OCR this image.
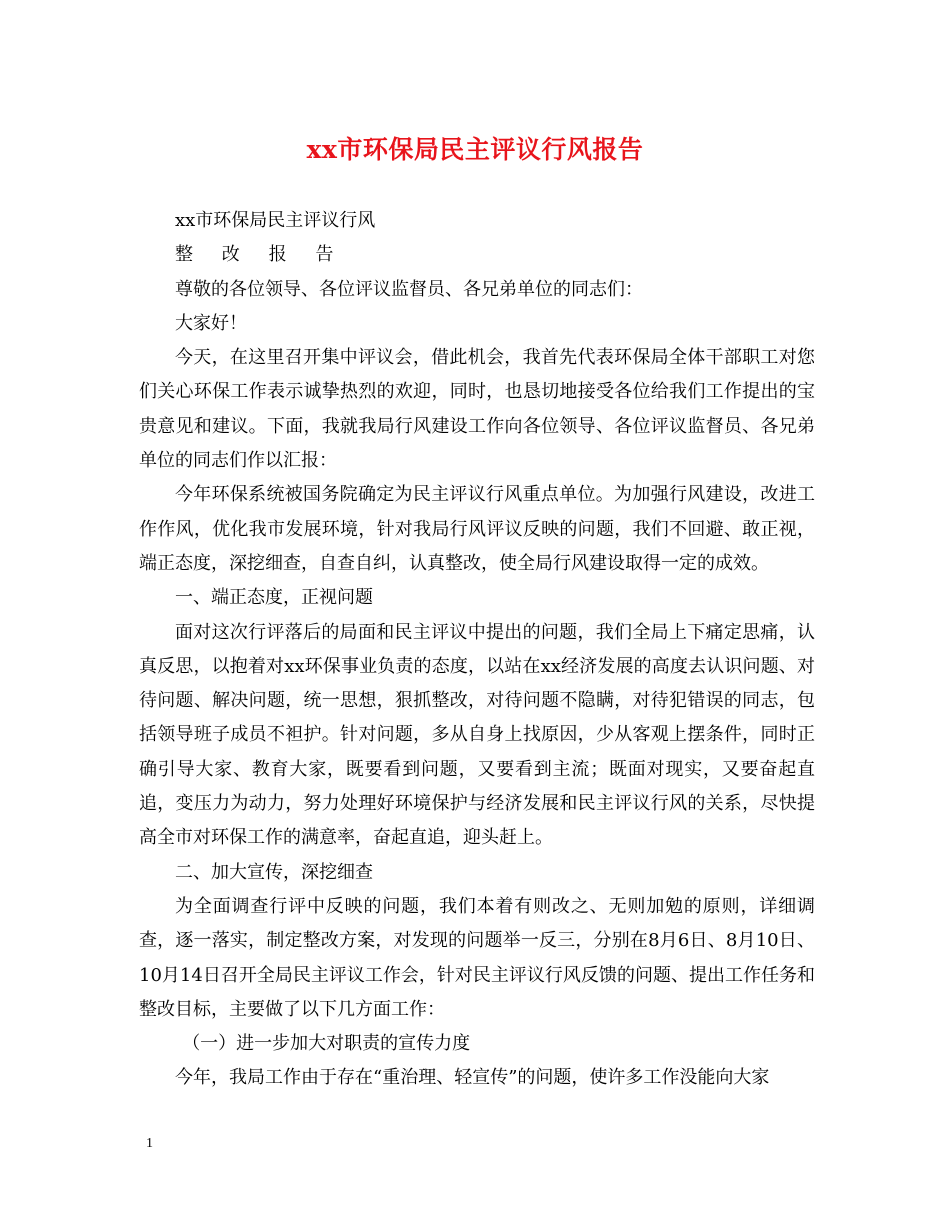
xx市环保局民主评议行风报告

xx市环保局民主评议行风

整改报告

尊敬的各位领导、各位评议监督员、各兄弟单位的同志们：

大家好！

今天，在这里召开集中评议会，借此机会，我首先代表环保局全体干部职工对您们关心环保工作表示诚挚热烈的欢迎，同时，也恳切地接受各位给我们工作提出的宝贵意见和建议。下面，我就我局行风建设工作向各位领导、各位评议监督员、各兄弟单位的同志们作以汇报：

今年环保系统被国务院确定为民主评议行风重点单位。为加强行风建设，改进工作作风，优化我市发展环境，针对我局行风评议反映的问题，我们不回避、敢正视，端正态度，深挖细查，自查自纠，认真整改，使全局行风建设取得一定的成效。

一、端正态度，正视问题

面对这次行评落后的局面和民主评议中提出的问题，我们全局上下痛定思痛，认真反思，以抱着对xx环保事业负责的态度，以站在xx经济发展的高度去认识问题、对待问题、解决问题，统一思想，狠抓整改，对待问题不隐瞒，对待犯错误的同志，包括领导班子成员不袒护。针对问题，多从自身上找原因，少从客观上摆条件，同时正确引导大家、教育大家，既要看到问题，又要看到主流；既面对现实，又要奋起直追，变压力为动力，努力处理好环境保护与经济发展和民主评议行风的关系，尽快提高全市对环保工作的满意率，奋起直追，迎头赶上。

二、加大宣传，深挖细查

为全面调查行评中反映的问题，我们本着有则改之、无则加勉的原则，详细调查，逐一落实，制定整改方案，对发现的问题举一反三，分别在8月6日、8月10日、10月14日召开全局民主评议工作会，针对民主评议行风反馈的问题、提出工作任务和整改目标，主要做了以下几方面工作：

（一）进一步加大对职责的宣传力度

今年，我局工作由于存在“重治理、轻宣传”的问题，使许多工作没能向大家

1
